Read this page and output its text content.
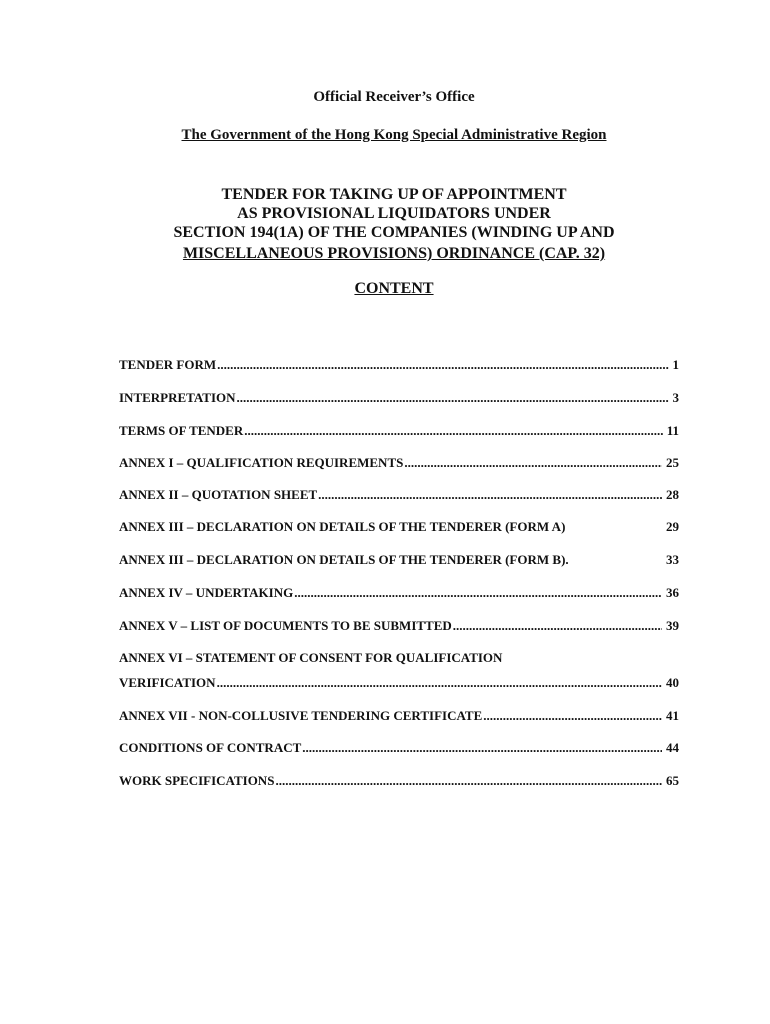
Official Receiver’s Office
The Government of the Hong Kong Special Administrative Region
TENDER FOR TAKING UP OF APPOINTMENT
AS PROVISIONAL LIQUIDATORS UNDER
SECTION 194(1A) OF THE COMPANIES (WINDING UP AND
MISCELLANEOUS PROVISIONS) ORDINANCE (CAP. 32)
CONTENT
TENDER FORM .....	1
INTERPRETATION .....	3
TERMS OF TENDER .....	11
ANNEX I – QUALIFICATION REQUIREMENTS .....	25
ANNEX II – QUOTATION SHEET .....	28
ANNEX III – DECLARATION ON DETAILS OF THE TENDERER (FORM A)	29
ANNEX III – DECLARATION ON DETAILS OF THE TENDERER (FORM B).	33
ANNEX IV – UNDERTAKING .....	36
ANNEX V – LIST OF DOCUMENTS TO BE SUBMITTED .....	39
ANNEX VI – STATEMENT OF CONSENT FOR QUALIFICATION
VERIFICATION .....	40
ANNEX VII - NON-COLLUSIVE TENDERING CERTIFICATE .....	41
CONDITIONS OF CONTRACT .....	44
WORK SPECIFICATIONS .....	65
